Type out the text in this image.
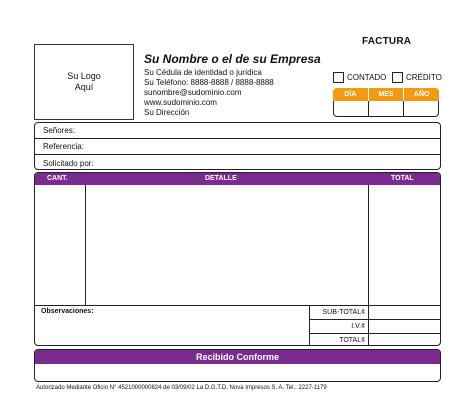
Su Logo
Aquí
Su Nombre o el de su Empresa
Su Cédula de identidad o jurídica
Su Teléfono: 8888-8888 / 8888-8888
sunombre@sudominio.com
www.sudominio.com
Su Dirección
FACTURA
CONTADO CRÉDITO
DÍA	MES	AÑO
Señores:
Referencia:
Solicitado por:
CANT.	DETALLE	TOTAL
Observaciones:	SUB-TOTAL¢
I.V.¢
TOTAL¢
Recibido Conforme
Autorizado Mediante Oficio N° 4521000000824 de 03/09/02 La D.G.T.D. Nova Impresos S. A. Tel.: 2227-1179
